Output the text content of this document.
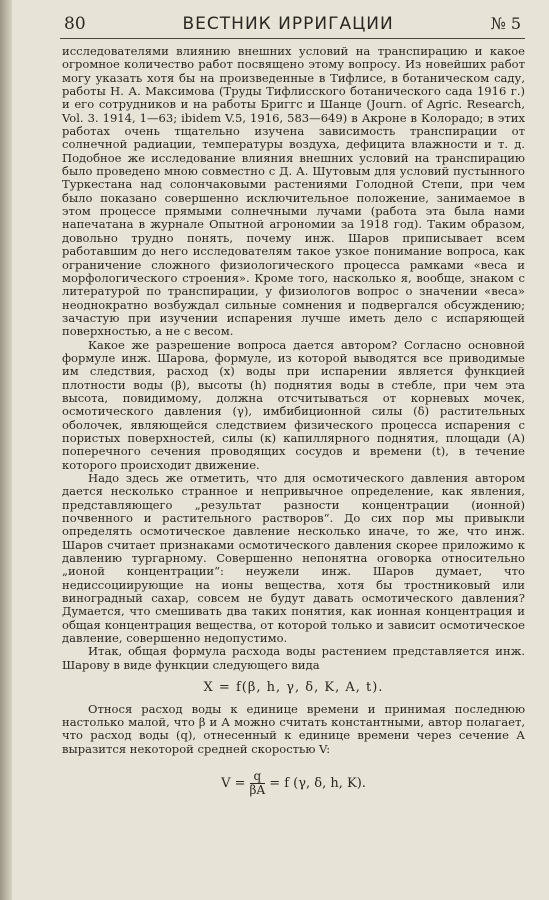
80	ВЕСТНИК ИРРИГАЦИИ	№ 5

исследователями влиянию внешних условий на транспирацию и какое огромное количество работ посвящено этому вопросу. Из новейших работ могу указать хотя бы на произведенные в Тифлисе, в ботаническом саду, работы Н. А. Максимова (Труды Тифлисского ботанического сада 1916 г.) и его сотрудников и на работы Бриггс и Шанце (Journ. of Agric. Research, Vol. 3. 1914, 1—63; ibidem V.5, 1916, 583—649) в Акроне в Колорадо; в этих работах очень тщательно изучена зависимость транспирации от солнечной радиации, температуры воздуха, дефицита влажности и т. д. Подобное же исследование влияния внешних условий на транспирацию было проведено мною совместно с Д. А. Шутовым для условий пустынного Туркестана над солончаковыми растениями Голодной Степи, при чем было показано совершенно исключительное положение, занимаемое в этом процессе прямыми солнечными лучами (работа эта была нами напечатана в журнале Опытной агрономии за 1918 год). Таким образом, довольно трудно понять, почему инж. Шаров приписывает всем работавшим до него исследователям такое узкое понимание вопроса, как ограничение сложного физиологического процесса рамками «веса и морфологического строения». Кроме того, насколько я, вообще, знаком с литературой по транспирации, у физиологов вопрос о значении «веса» неоднократно возбуждал сильные сомнения и подвергался обсуждению; зачастую при изучении испарения лучше иметь дело с испаряющей поверхностью, а не с весом.

Какое же разрешение вопроса дается автором? Согласно основной формуле инж. Шарова, формуле, из которой выводятся все приводимые им следствия, расход (x) воды при испарении является функцией плотности воды (β), высоты (h) поднятия воды в стебле, при чем эта высота, повидимому, должна отсчитываться от корневых мочек, осмотического давления (γ), имбибиционной силы (δ) растительных оболочек, являющейся следствием физического процесса испарения с пористых поверхностей, силы (к) капиллярного поднятия, площади (А) поперечного сечения проводящих сосудов и времени (t), в течение которого происходит движение.

Надо здесь же отметить, что для осмотического давления автором дается несколько странное и непривычное определение, как явления, представляющего „результат разности концентрации (ионной) почвенного и растительного растворов“. До сих пор мы привыкли определять осмотическое давление несколько иначе, то же, что инж. Шаров считает признаками осмотического давления скорее приложимо к давлению тургарному. Совершенно непонятна оговорка относительно „ионой концентрации“: неужели инж. Шаров думает, что недиссоциирующие на ионы вещества, хотя бы тростниковый или виноградный сахар, совсем не будут давать осмотического давления? Думается, что смешивать два таких понятия, как ионная концентрация и общая концентрация вещества, от которой только и зависит осмотическое давление, совершенно недопустимо.

Итак, общая формула расхода воды растением представляется инж. Шарову в виде функции следующего вида

X = f(β, h, γ, δ, K, A, t).

Относя расход воды к единице времени и принимая последнюю настолько малой, что β и А можно считать константными, автор полагает, что расход воды (q), отнесенный к единице времени через сечение А выразится некоторой средней скоростью V:

$V = \frac{q}{\beta A} = f$ (γ, δ, h, K).
